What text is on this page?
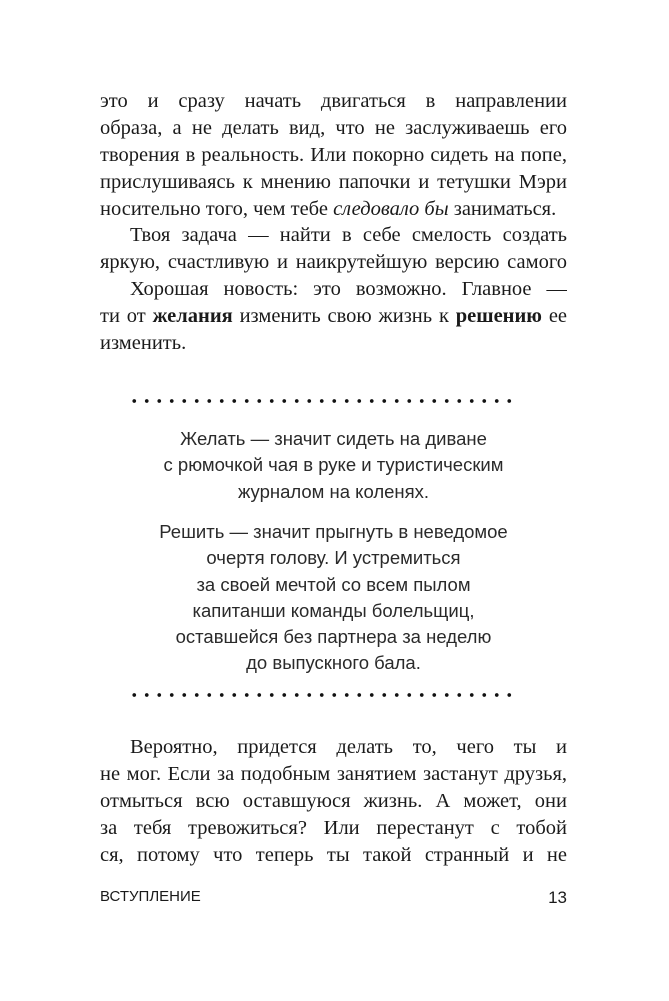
это и сразу начать двигаться в направлении
образа, а не делать вид, что не заслуживаешь его
творения в реальность. Или покорно сидеть на попе,
прислушиваясь к мнению папочки и тетушки Мэри
носительно того, чем тебе следовало бы заниматься.
Твоя задача — найти в себе смелость создать
яркую, счастливую и наикрутейшую версию самого
Хорошая новость: это возможно. Главное —
ти от желания изменить свою жизнь к решению ее
изменить.
Желать — значит сидеть на диване
с рюмочкой чая в руке и туристическим
журналом на коленях.
Решить — значит прыгнуть в неведомое
очертя голову. И устремиться
за своей мечтой со всем пылом
капитанши команды болельщиц,
оставшейся без партнера за неделю
до выпускного бала.
Вероятно, придется делать то, чего ты и
не мог. Если за подобным занятием застанут друзья,
отмыться всю оставшуюся жизнь. А может, они
за тебя тревожиться? Или перестанут с тобой
ся, потому что теперь ты такой странный и не
ВСТУПЛЕНИЕ	13
